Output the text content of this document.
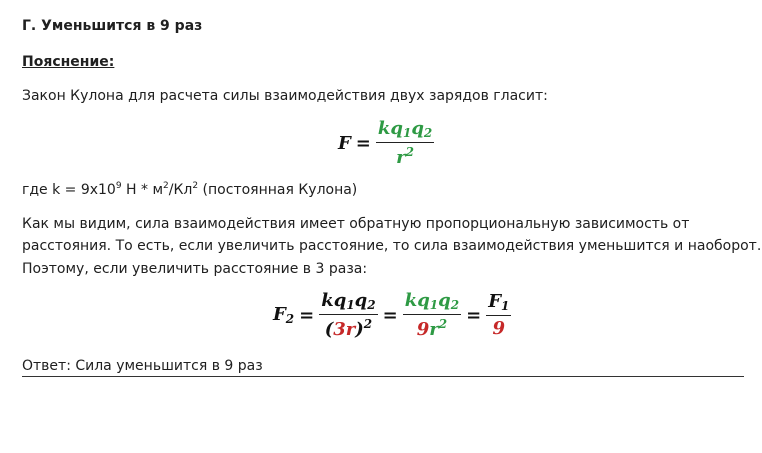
Г. Уменьшится в 9 раз
Пояснение:
Закон Кулона для расчета силы взаимодействия двух зарядов гласит:
$F = \frac{kq_1q_2}{r^2}$
где $k = 9х10^9$ Н * $м^2/Кл^2$ (постоянная Кулона)
Как мы видим, сила взаимодействия имеет обратную пропорциональную зависимость от
расстояния. То есть, если увеличить расстояние, то сила взаимодействия уменьшится и наоборот.
Поэтому, если увеличить расстояние в 3 раза:
$F_2 = \frac{kq_1q_2}{(3r)^2} = \frac{kq_1q_2}{9r^2} = \frac{F_1}{9}$
Ответ: Сила уменьшится в 9 раз
